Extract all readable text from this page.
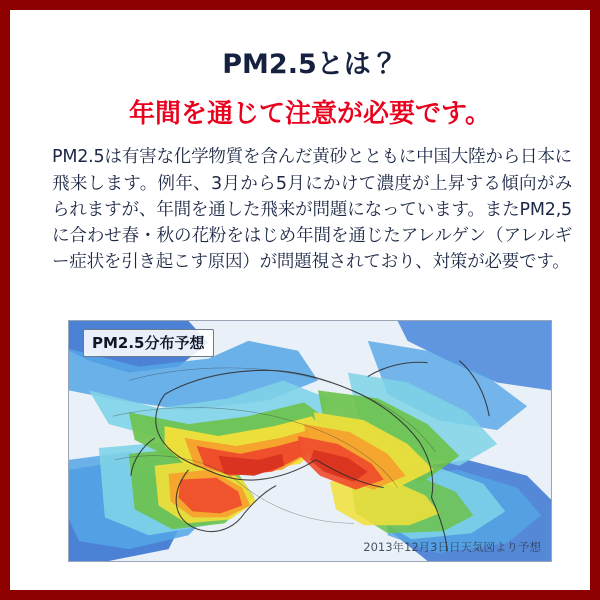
PM2.5とは？
年間を通じて注意が必要です。

PM2.5は有害な化学物質を含んだ黄砂とともに中国大陸から日本に飛来します。例年、3月から5月にかけて濃度が上昇する傾向がみられますが、年間を通した飛来が問題になっています。またPM2,5に合わせ春・秋の花粉をはじめ年間を通じたアレルゲン（アレルギー症状を引き起こす原因）が問題視されており、対策が必要です。

PM2.5分布予想
2013年12月3日日天気図より予想
